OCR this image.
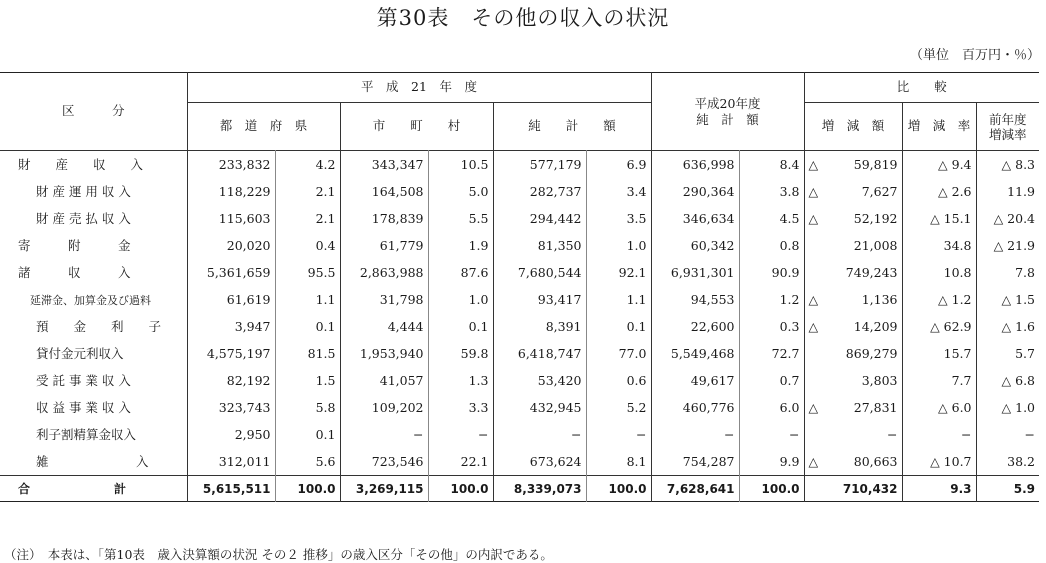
第30表　その他の収入の状況
（単位　百万円・％）
区　　　分	平　成　21　年　度						平成20年度
純　計　額		比　　較		
	都　道　府　県		市　　町　　村		純　　計　　額				増　減　額	増　減　率	前年度
増減率

財　　産　　収　　入	233,832	4.2	343,347	10.5	577,179	6.9	636,998	8.4	△ 59,819	△ 9.4	△ 8.3
財 産 運 用 収 入	118,229	2.1	164,508	5.0	282,737	3.4	290,364	3.8	△ 7,627	△ 2.6	11.9
財 産 売 払 収 入	115,603	2.1	178,839	5.5	294,442	3.5	346,634	4.5	△ 52,192	△ 15.1	△ 20.4
寄　　　附　　　金	20,020	0.4	61,779	1.9	81,350	1.0	60,342	0.8	21,008	34.8	△ 21.9
諸　　　収　　　入	5,361,659	95.5	2,863,988	87.6	7,680,544	92.1	6,931,301	90.9	749,243	10.8	7.8
延滞金、加算金及び過料	61,619	1.1	31,798	1.0	93,417	1.1	94,553	1.2	△ 1,136	△ 1.2	△ 1.5
預　　金　　利　　子	3,947	0.1	4,444	0.1	8,391	0.1	22,600	0.3	△ 14,209	△ 62.9	△ 1.6
貸付金元利収入	4,575,197	81.5	1,953,940	59.8	6,418,747	77.0	5,549,468	72.7	869,279	15.7	5.7
受 託 事 業 収 入	82,192	1.5	41,057	1.3	53,420	0.6	49,617	0.7	3,803	7.7	△ 6.8
収 益 事 業 収 入	323,743	5.8	109,202	3.3	432,945	5.2	460,776	6.0	△ 27,831	△ 6.0	△ 1.0
利子割精算金収入	2,950	0.1	−	−	−	−	−	−	−	−	−
雑　　　　　　　入	312,011	5.6	723,546	22.1	673,624	8.1	754,287	9.9	△ 80,663	△ 10.7	38.2
合　　　　　　　計	5,615,511	100.0	3,269,115	100.0	8,339,073	100.0	7,628,641	100.0	710,432	9.3	5.9
（注）　本表は、「第10表　歳入決算額の状況 その２ 推移」の歳入区分「その他」の内訳である。
